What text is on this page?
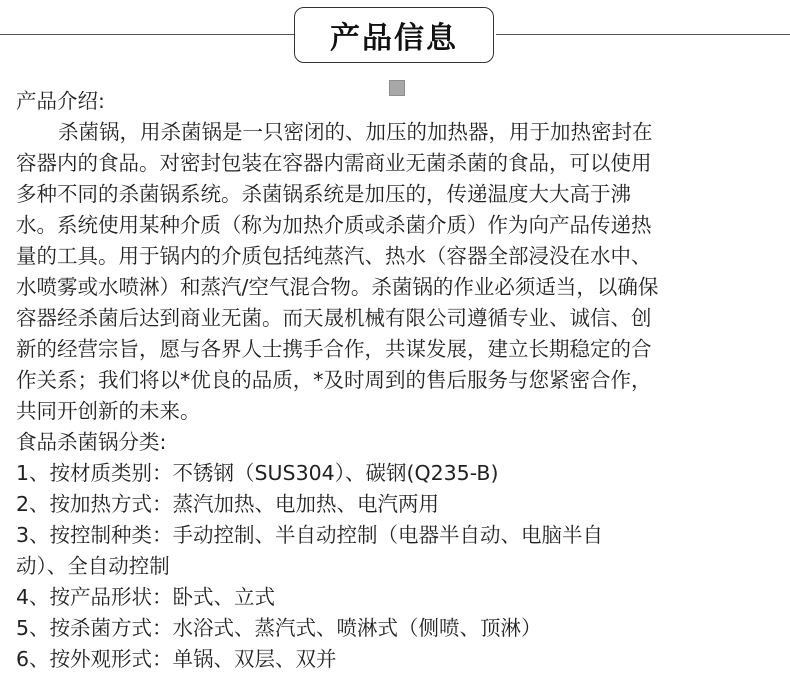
产品信息
产品介绍:
杀菌锅，用杀菌锅是一只密闭的、加压的加热器，用于加热密封在
容器内的食品。对密封包装在容器内需商业无菌杀菌的食品，可以使用
多种不同的杀菌锅系统。杀菌锅系统是加压的，传递温度大大高于沸
水。系统使用某种介质（称为加热介质或杀菌介质）作为向产品传递热
量的工具。用于锅内的介质包括纯蒸汽、热水（容器全部浸没在水中、
水喷雾或水喷淋）和蒸汽/空气混合物。杀菌锅的作业必须适当，以确保
容器经杀菌后达到商业无菌。而天晟机械有限公司遵循专业、诚信、创
新的经营宗旨，愿与各界人士携手合作，共谋发展，建立长期稳定的合
作关系；我们将以*优良的品质，*及时周到的售后服务与您紧密合作，
共同开创新的未来。
食品杀菌锅分类:
1、按材质类别：不锈钢（SUS304）、碳钢(Q235-B)
2、按加热方式：蒸汽加热、电加热、电汽两用
3、按控制种类：手动控制、半自动控制（电器半自动、电脑半自
动）、全自动控制
4、按产品形状：卧式、立式
5、按杀菌方式：水浴式、蒸汽式、喷淋式（侧喷、顶淋）
6、按外观形式：单锅、双层、双并
